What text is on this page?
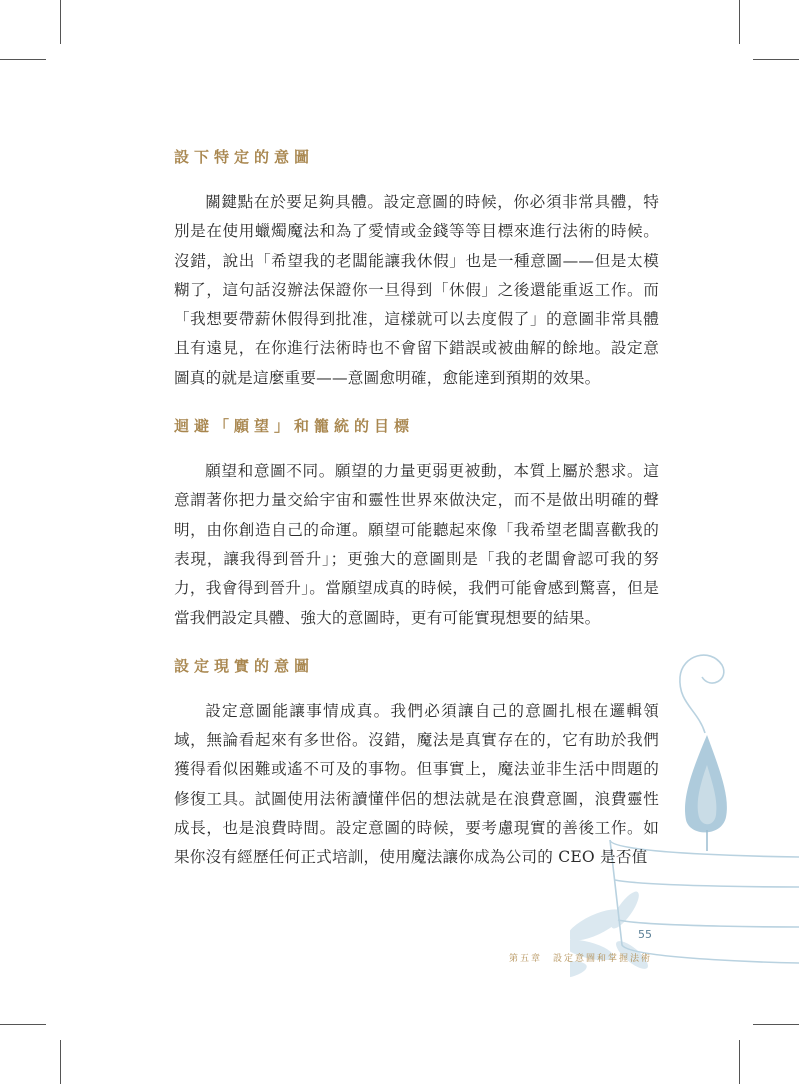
設下特定的意圖

關鍵點在於要足夠具體。設定意圖的時候，你必須非常具體，特別是在使用蠟燭魔法和為了愛情或金錢等等目標來進行法術的時候。沒錯，說出「希望我的老闆能讓我休假」也是一種意圖——但是太模糊了，這句話沒辦法保證你一旦得到「休假」之後還能重返工作。而「我想要帶薪休假得到批准，這樣就可以去度假了」的意圖非常具體且有遠見，在你進行法術時也不會留下錯誤或被曲解的餘地。設定意圖真的就是這麼重要——意圖愈明確，愈能達到預期的效果。

迴避「願望」和籠統的目標

願望和意圖不同。願望的力量更弱更被動，本質上屬於懇求。這意謂著你把力量交給宇宙和靈性世界來做決定，而不是做出明確的聲明，由你創造自己的命運。願望可能聽起來像「我希望老闆喜歡我的表現，讓我得到晉升」；更強大的意圖則是「我的老闆會認可我的努力，我會得到晉升」。當願望成真的時候，我們可能會感到驚喜，但是當我們設定具體、強大的意圖時，更有可能實現想要的結果。

設定現實的意圖

設定意圖能讓事情成真。我們必須讓自己的意圖扎根在邏輯領域，無論看起來有多世俗。沒錯，魔法是真實存在的，它有助於我們獲得看似困難或遙不可及的事物。但事實上，魔法並非生活中問題的修復工具。試圖使用法術讀懂伴侶的想法就是在浪費意圖，浪費靈性成長，也是浪費時間。設定意圖的時候，要考慮現實的善後工作。如果你沒有經歷任何正式培訓，使用魔法讓你成為公司的 CEO 是否值

55
第五章　設定意圖和掌握法術
